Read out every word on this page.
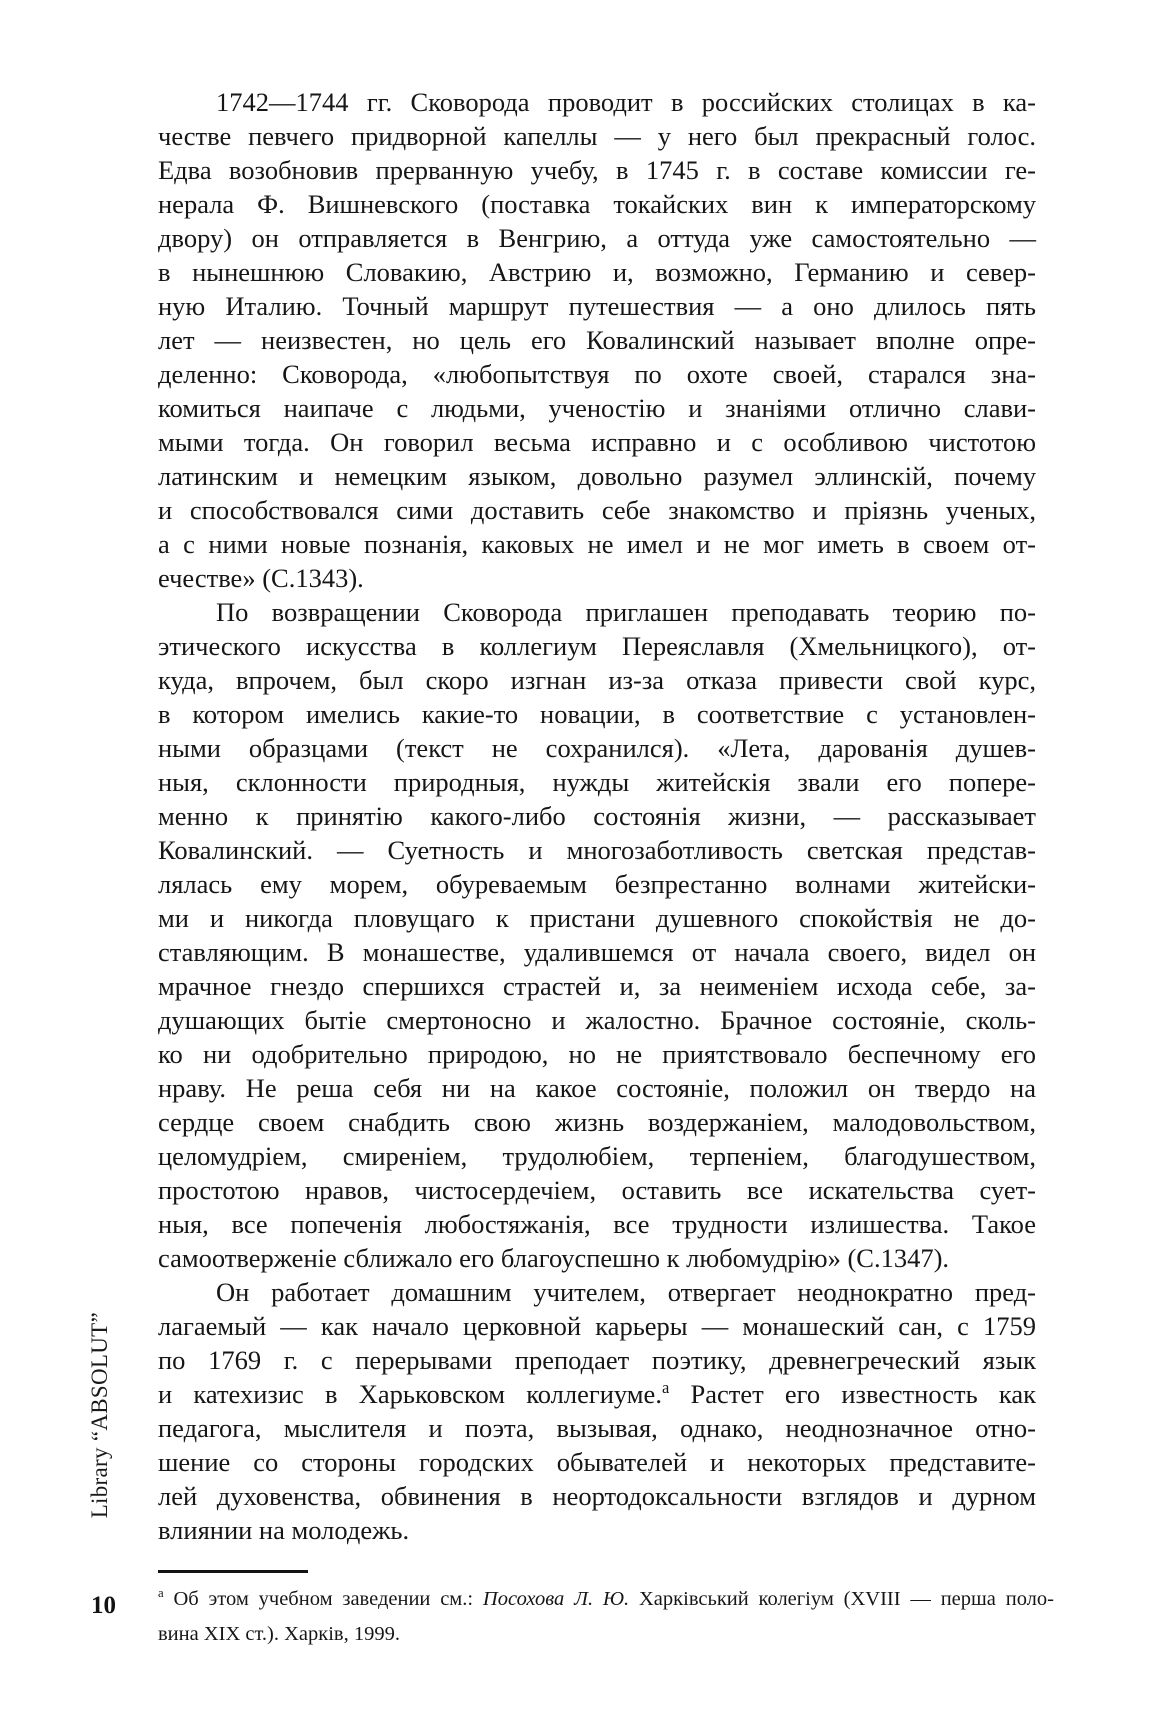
Library “ABSOLUT”
1742—1744 гг. Сковорода проводит в российских столицах в ка-
честве певчего придворной капеллы — у него был прекрасный голос.
Едва возобновив прерванную учебу, в 1745 г. в составе комиссии ге-
нерала Ф. Вишневского (поставка токайских вин к императорскому
двору) он отправляется в Венгрию, а оттуда уже самостоятельно —
в нынешнюю Словакию, Австрию и, возможно, Германию и север-
ную Италию. Точный маршрут путешествия — а оно длилось пять
лет — неизвестен, но цель его Ковалинский называет вполне опре-
деленно: Сковорода, «любопытствуя по охоте своей, старался зна-
комиться наипаче с людьми, ученостію и знаніями отлично слави-
мыми тогда. Он говорил весьма исправно и с особливою чистотою
латинским и немецким языком, довольно разумел эллинскій, почему
и способствовался сими доставить себе знакомство и пріязнь ученых,
а с ними новые познанія, каковых не имел и не мог иметь в своем от-
ечестве» (С.1343).
По возвращении Сковорода приглашен преподавать теорию по-
этического искусства в коллегиум Переяславля (Хмельницкого), от-
куда, впрочем, был скоро изгнан из-за отказа привести свой курс,
в котором имелись какие-то новации, в соответствие с установлен-
ными образцами (текст не сохранился). «Лета, дарованія душев-
ныя, склонности природныя, нужды житейскія звали его попере-
менно к принятію какого-либо состоянія жизни, — рассказывает
Ковалинский. — Суетность и многозаботливость светская представ-
лялась ему морем, обуреваемым безпрестанно волнами житейски-
ми и никогда пловущаго к пристани душевного спокойствія не до-
ставляющим. В монашестве, удалившемся от начала своего, видел он
мрачное гнездо спершихся страстей и, за неименіем исхода себе, за-
душающих бытіе смертоносно и жалостно. Брачное состояніе, сколь-
ко ни одобрительно природою, но не приятствовало беспечному его
нраву. Не реша себя ни на какое состояніе, положил он твердо на
сердце своем снабдить свою жизнь воздержаніем, малодовольством,
целомудріем, смиреніем, трудолюбіем, терпеніем, благодушеством,
простотою нравов, чистосердечіем, оставить все искательства сует-
ныя, все попеченія любостяжанія, все трудности излишества. Такое
самоотверженіе сближало его благоуспешно к любомудрію» (С.1347).
Он работает домашним учителем, отвергает неоднократно пред-
лагаемый — как начало церковной карьеры — монашеский сан, с 1759
по 1769 г. с перерывами преподает поэтику, древнегреческий язык
и катехизис в Харьковском коллегиуме.$^а$ Растет его известность как
педагога, мыслителя и поэта, вызывая, однако, неоднозначное отно-
шение со стороны городских обывателей и некоторых представите-
лей духовенства, обвинения в неортодоксальности взглядов и дурном
влиянии на молодежь.
$^а$ Об этом учебном заведении см.: Посохова Л. Ю. Харківський колегіум (XVIII — перша поло-
вина XIX ст.). Харків, 1999.
10
